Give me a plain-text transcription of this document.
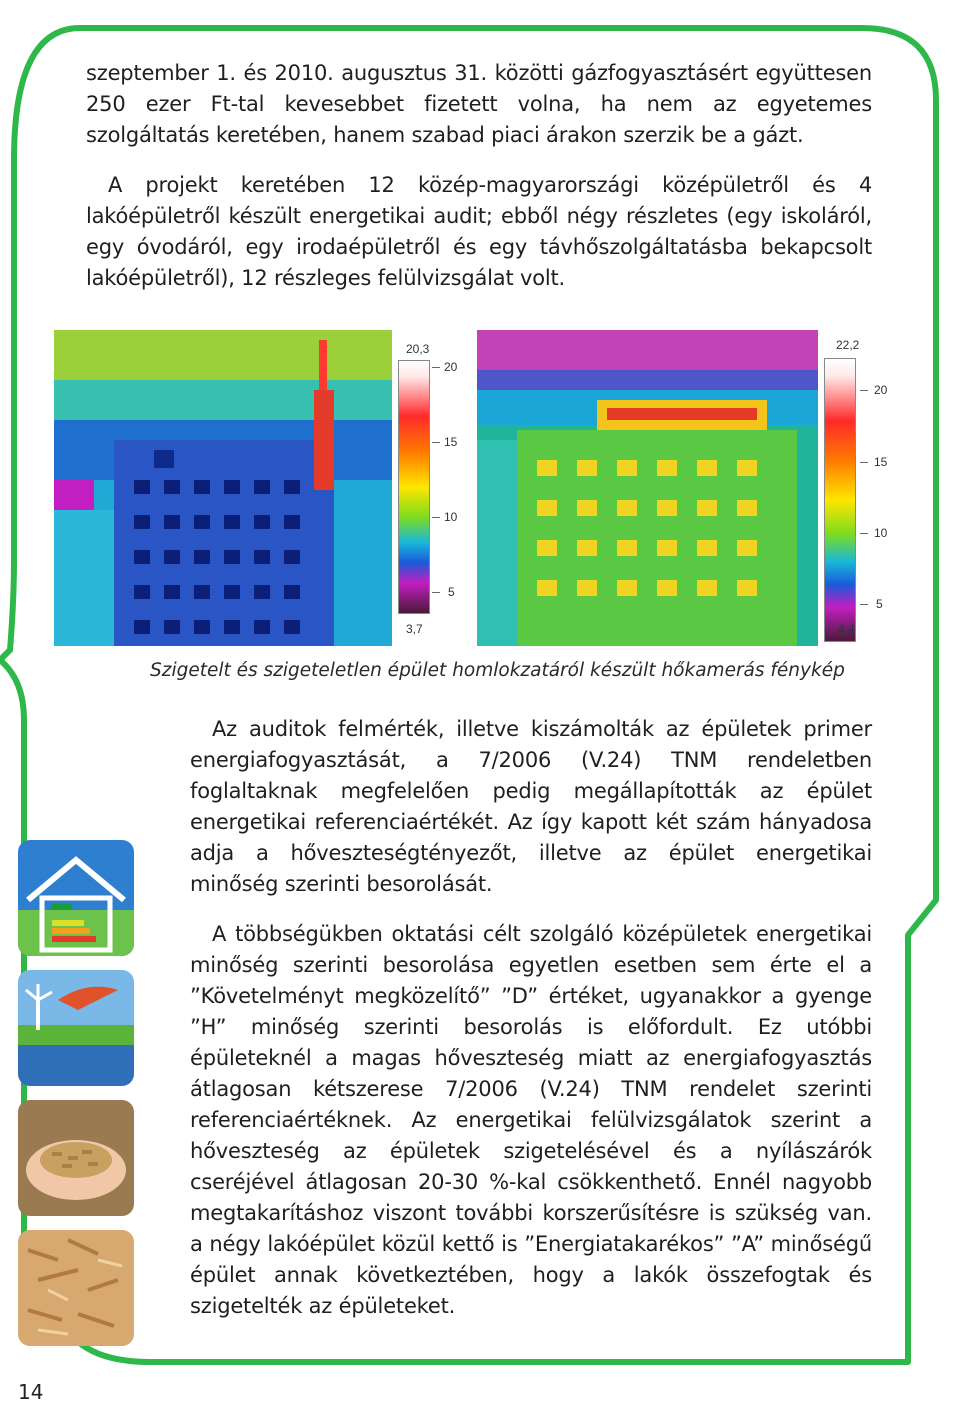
szeptember 1. és 2010. augusztus 31. közötti gázfogyasztásért együttesen 250 ezer Ft-tal kevesebbet fizetett volna, ha nem az egyetemes szolgáltatás keretében, hanem szabad piaci árakon szerzik be a gázt.

A projekt keretében 12 közép-magyarországi középületről és 4 lakóépületről készült energetikai audit; ebből négy részletes (egy iskoláról, egy óvodáról, egy irodaépületről és egy távhőszolgáltatásba bekapcsolt lakóépületről), 12 részleges felülvizsgálat volt.

20,3
20
15
10
5
3,7
22,2
20
15
10
5
4,4
Szigetelt és szigeteletlen épület homlokzatáról készült hőkamerás fénykép

Az auditok felmérték, illetve kiszámolták az épületek primer energiafogyasztását, a 7/2006 (V.24) TNM rendeletben foglaltaknak megfelelően pedig megállapították az épület energetikai referenciaértékét. Az így kapott két szám hányadosa adja a hőveszteségtényezőt, illetve az épület energetikai minőség szerinti besorolását.

A többségükben oktatási célt szolgáló középületek energetikai minőség szerinti besorolása egyetlen esetben sem érte el a ”Követelményt megközelítő” ”D” értéket, ugyanakkor a gyenge ”H” minőség szerinti besorolás is előfordult. Ez utóbbi épületeknél a magas hőveszteség miatt az energiafogyasztás átlagosan kétszerese 7/2006 (V.24) TNM rendelet szerinti referenciaértéknek. Az energetikai felülvizsgálatok szerint a hőveszteség az épületek szigetelésével és a nyílászárók cseréjével átlagosan 20-30 %-kal csökkenthető. Ennél nagyobb megtakarításhoz viszont további korszerűsítésre is szükség van. a négy lakóépület közül kettő is ”Energiatakarékos” ”A” minőségű épület annak következtében, hogy a lakók összefogtak és szigetelték az épületeket.

14
